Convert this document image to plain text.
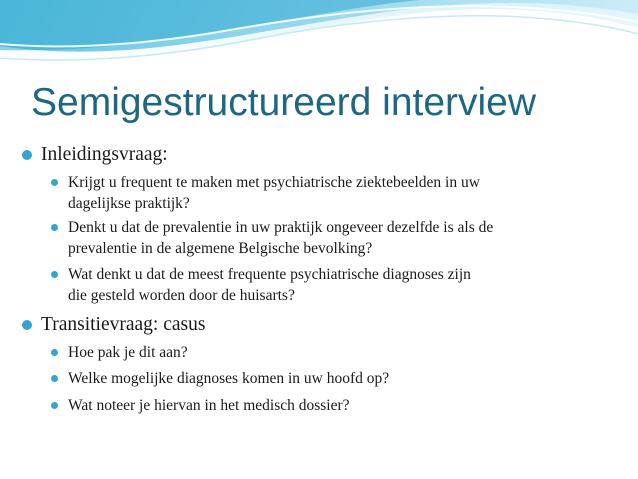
Semigestructureerd interview
Inleidingsvraag:
Krijgt u frequent te maken met psychiatrische ziektebeelden in uw
dagelijkse praktijk?
Denkt u dat de prevalentie in uw praktijk ongeveer dezelfde is als de
prevalentie in de algemene Belgische bevolking?
Wat denkt u dat de meest frequente psychiatrische diagnoses zijn
die gesteld worden door de huisarts?
Transitievraag: casus
Hoe pak je dit aan?
Welke mogelijke diagnoses komen in uw hoofd op?
Wat noteer je hiervan in het medisch dossier?
